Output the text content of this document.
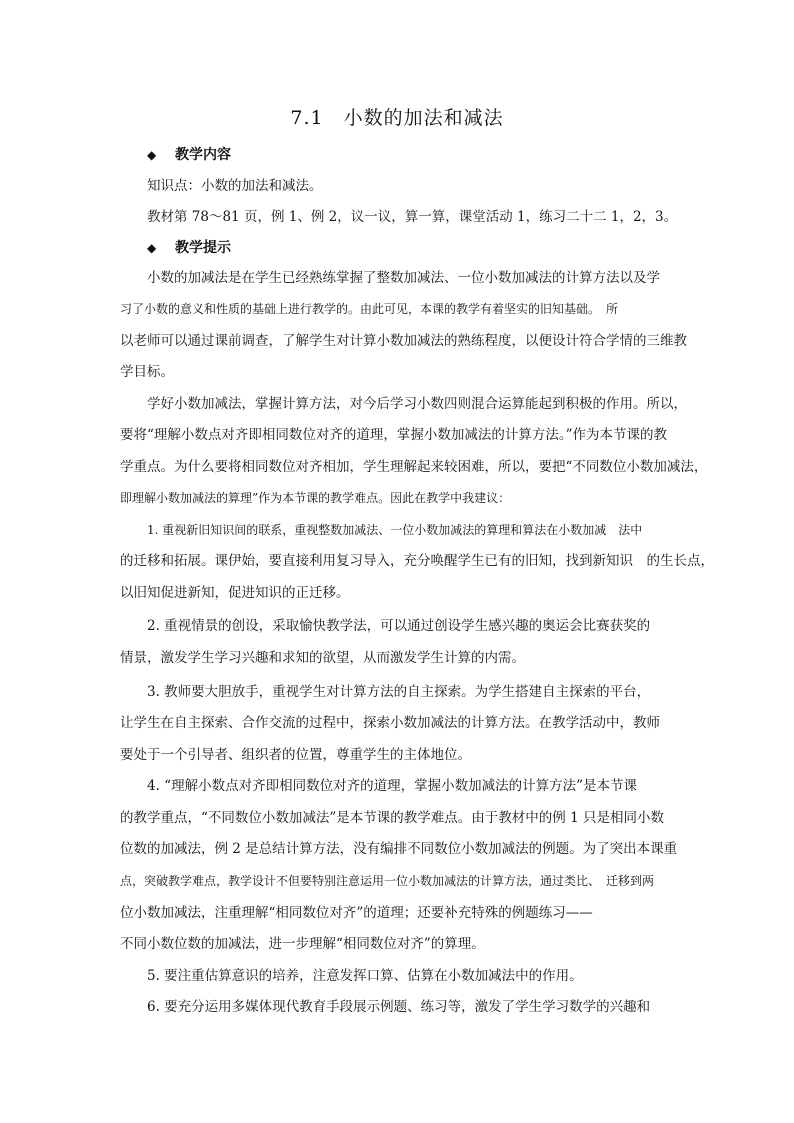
7.1　小数的加法和减法
◆ 教学内容
知识点：小数的加法和减法。
教材第 78～81 页，例 1、例 2，议一议，算一算，课堂活动 1，练习二十二 1，2，3。
◆ 教学提示
小数的加减法是在学生已经熟练掌握了整数加减法、一位小数加减法的计算方法以及学
习了小数的意义和性质的基础上进行教学的。由此可见，本课的教学有着坚实的旧知基础。　所
以老师可以通过课前调查，了解学生对计算小数加减法的熟练程度，以便设计符合学情的三维教
学目标。
学好小数加减法，掌握计算方法，对今后学习小数四则混合运算能起到积极的作用。所以，
要将“理解小数点对齐即相同数位对齐的道理，掌握小数加减法的计算方法。”作为本节课的教
学重点。为什么要将相同数位对齐相加，学生理解起来较困难，所以，要把“不同数位小数加减法，
即理解小数加减法的算理”作为本节课的教学难点。因此在教学中我建议：
1. 重视新旧知识间的联系，重视整数加减法、一位小数加减法的算理和算法在小数加减　法中
的迁移和拓展。课伊始，要直接利用复习导入，充分唤醒学生已有的旧知，找到新知识　的生长点，
以旧知促进新知，促进知识的正迁移。
2. 重视情景的创设，采取愉快教学法，可以通过创设学生感兴趣的奥运会比赛获奖的
情景，激发学生学习兴趣和求知的欲望，从而激发学生计算的内需。
3. 教师要大胆放手，重视学生对计算方法的自主探索。为学生搭建自主探索的平台，
让学生在自主探索、合作交流的过程中，探索小数加减法的计算方法。在教学活动中，教师
要处于一个引导者、组织者的位置，尊重学生的主体地位。
4. “理解小数点对齐即相同数位对齐的道理，掌握小数加减法的计算方法”是本节课
的教学重点，“不同数位小数加减法”是本节课的教学难点。由于教材中的例 1 只是相同小数
位数的加减法，例 2 是总结计算方法，没有编排不同数位小数加减法的例题。为了突出本课重
点，突破教学难点，教学设计不但要特别注意运用一位小数加减法的计算方法，通过类比、　迁移到两
位小数加减法，注重理解“相同数位对齐”的道理；还要补充特殊的例题练习——
不同小数位数的加减法，进一步理解“相同数位对齐”的算理。
5. 要注重估算意识的培养，注意发挥口算、估算在小数加减法中的作用。
6. 要充分运用多媒体现代教育手段展示例题、练习等，激发了学生学习数学的兴趣和
